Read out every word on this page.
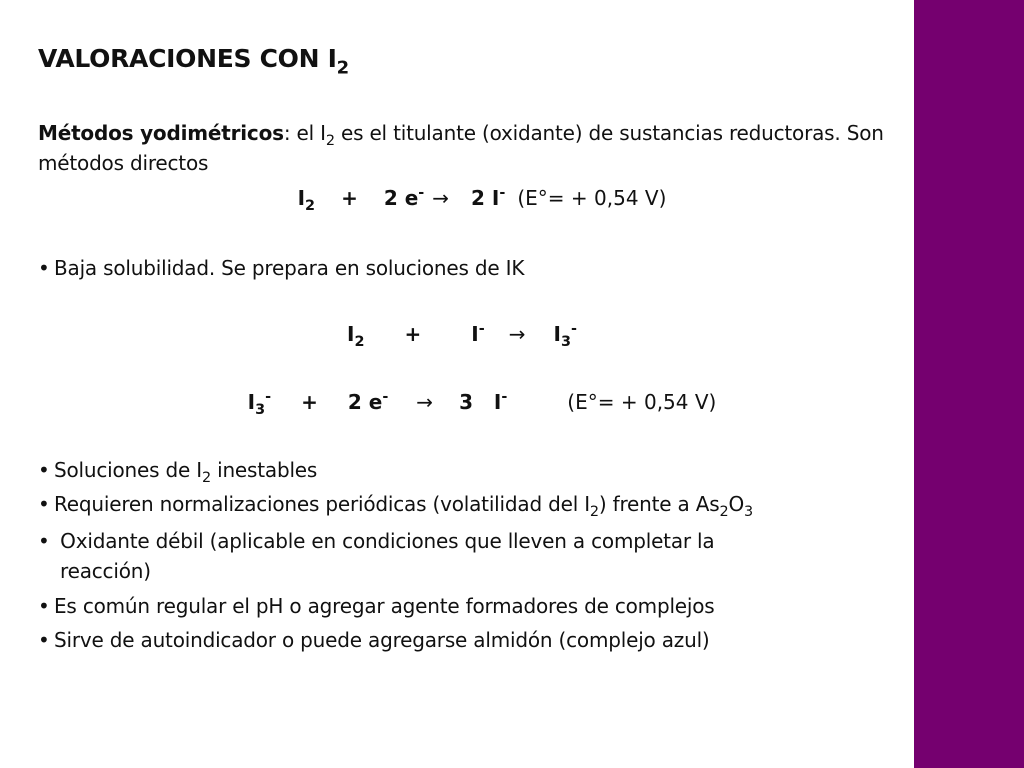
VALORACIONES CON $I_2$
Métodos yodimétricos: el $I_2$ es el titulante (oxidante) de sustancias reductoras. Son métodos directos
$I_2 + 2$ e- → 2 I- (E°= + 0,54 V)
• Baja solubilidad. Se prepara en soluciones de IK
$I_2$ +	$I^- \to I_3^-$
$I_3^- + 2$ e- → 3   I-	(E°= + 0,54 V)
• Soluciones de $I_2$ inestables
• Requieren normalizaciones periódicas (volatilidad del $I_2$) frente a $As_2O_3$
• Oxidante débil (aplicable en condiciones que lleven a completar la
reacción)
• Es común regular el pH o agregar agente formadores de complejos
• Sirve de autoindicador o puede agregarse almidón (complejo azul)
